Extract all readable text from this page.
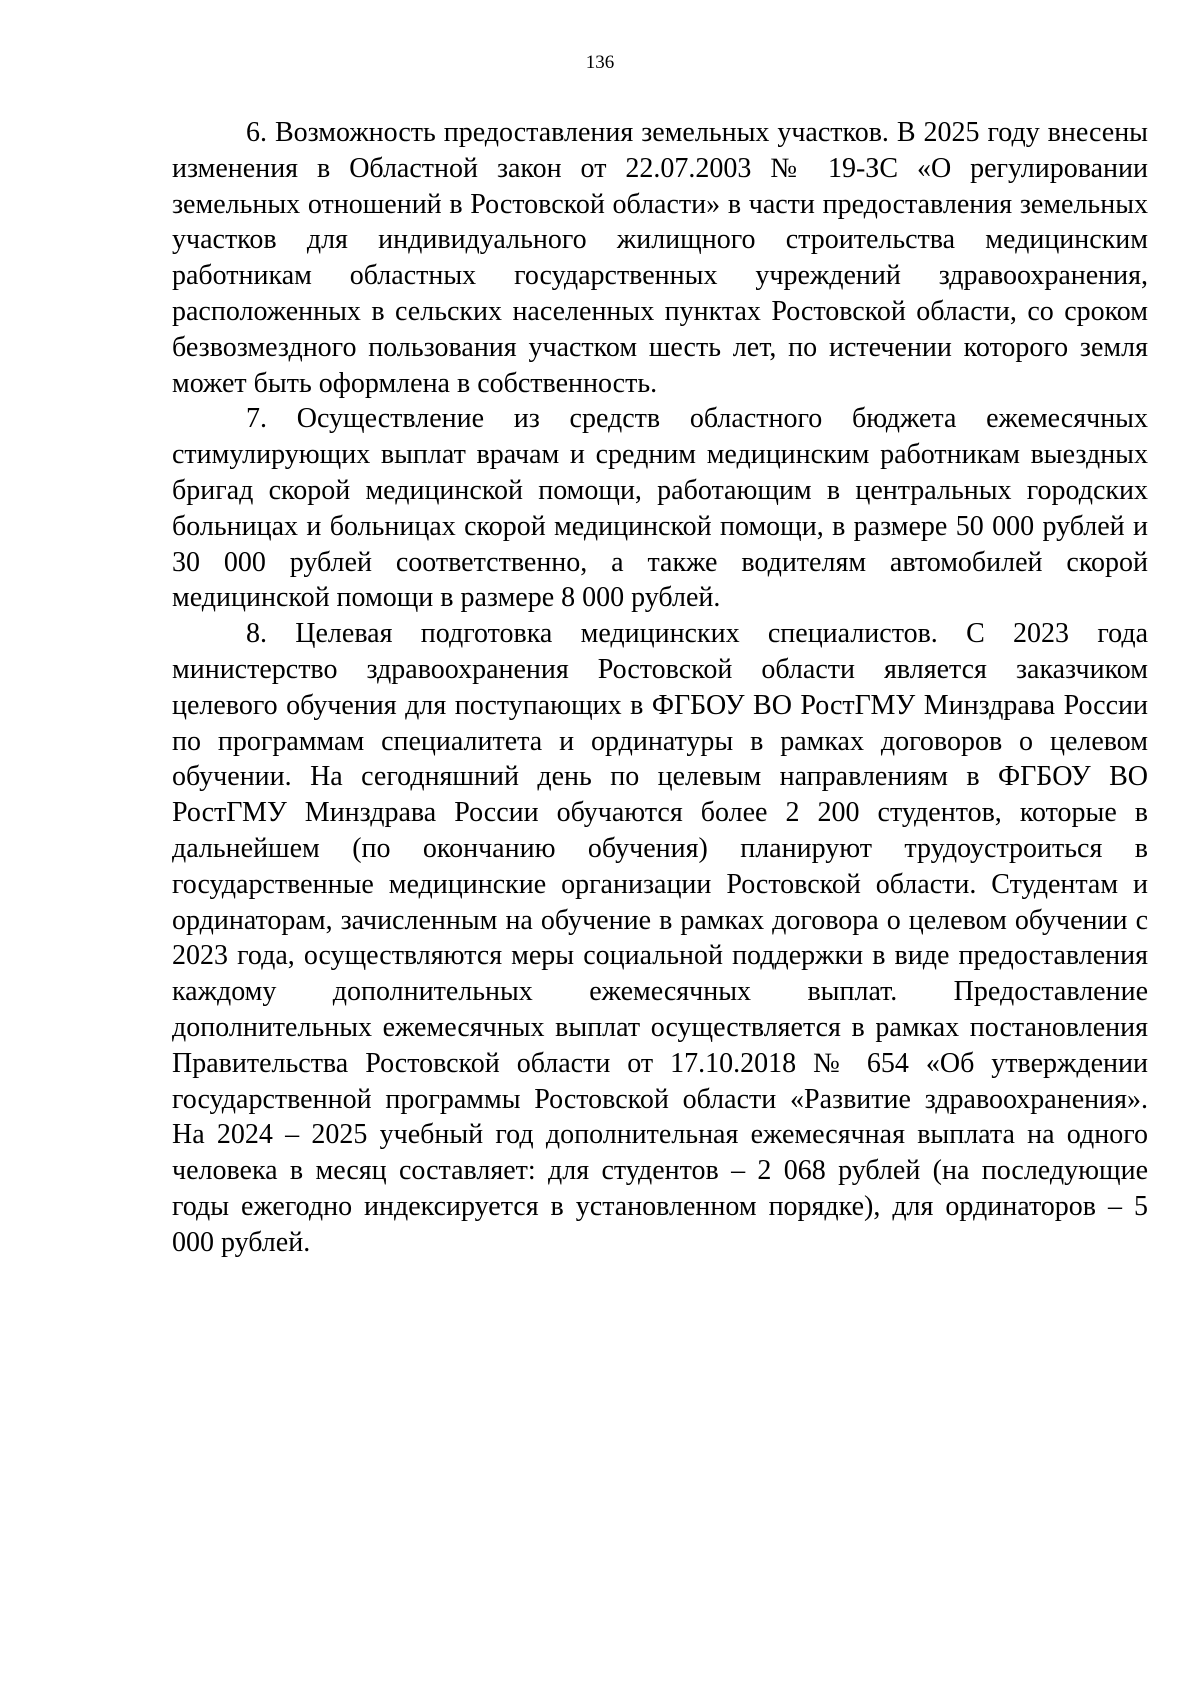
136

6. Возможность предоставления земельных участков. В 2025 году внесены изменения в Областной закон от 22.07.2003 № 19-ЗС «О регулировании земельных отношений в Ростовской области» в части предоставления земельных участков для индивидуального жилищного строительства медицинским работникам областных государственных учреждений здравоохранения, расположенных в сельских населенных пунктах Ростовской области, со сроком безвозмездного пользования участком шесть лет, по истечении которого земля может быть оформлена в собственность.

7. Осуществление из средств областного бюджета ежемесячных стимулирующих выплат врачам и средним медицинским работникам выездных бригад скорой медицинской помощи, работающим в центральных городских больницах и больницах скорой медицинской помощи, в размере 50 000 рублей и 30 000 рублей соответственно, а также водителям автомобилей скорой медицинской помощи в размере 8 000 рублей.

8. Целевая подготовка медицинских специалистов. С 2023 года министерство здравоохранения Ростовской области является заказчиком целевого обучения для поступающих в ФГБОУ ВО РостГМУ Минздрава России по программам специалитета и ординатуры в рамках договоров о целевом обучении. На сегодняшний день по целевым направлениям в ФГБОУ ВО РостГМУ Минздрава России обучаются более 2 200 студентов, которые в дальнейшем (по окончанию обучения) планируют трудоустроиться в государственные медицинские организации Ростовской области. Студентам и ординаторам, зачисленным на обучение в рамках договора о целевом обучении с 2023 года, осуществляются меры социальной поддержки в виде предоставления каждому дополнительных ежемесячных выплат. Предоставление дополнительных ежемесячных выплат осуществляется в рамках постановления Правительства Ростовской области от 17.10.2018 № 654 «Об утверждении государственной программы Ростовской области «Развитие здравоохранения». На 2024 – 2025 учебный год дополнительная ежемесячная выплата на одного человека в месяц составляет: для студентов – 2 068 рублей (на последующие годы ежегодно индексируется в установленном порядке), для ординаторов – 5 000 рублей.
